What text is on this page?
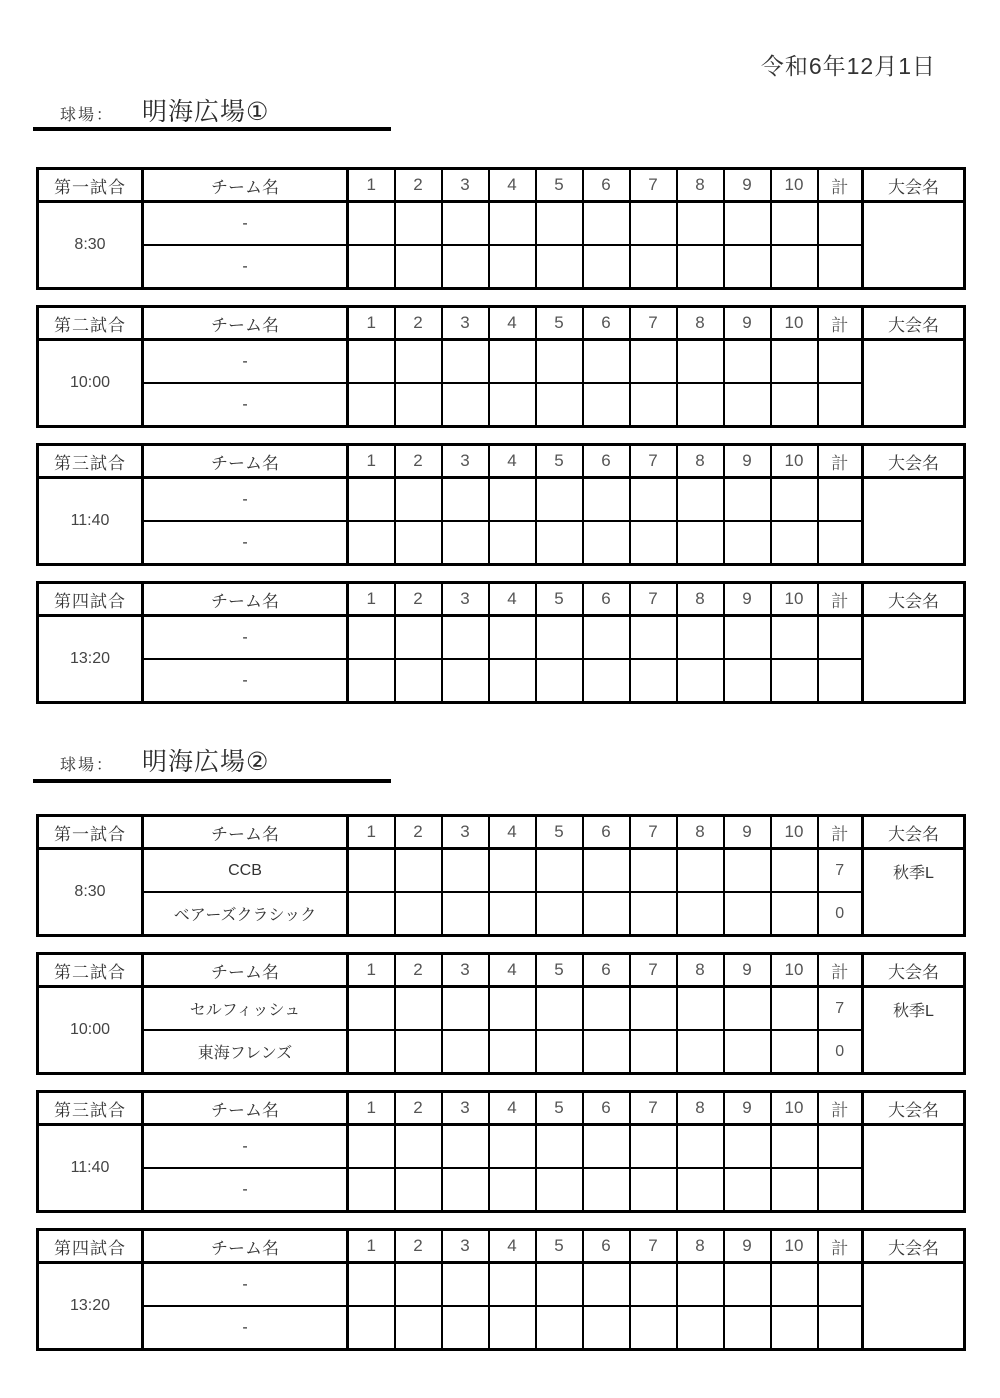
令和6年12月1日
球場： 明海広場①
第一試合	チーム名	1	2	3	4	5	6	7	8	9	10	計	大会名
8:30	-												
	-												
第二試合	チーム名	1	2	3	4	5	6	7	8	9	10	計	大会名
10:00	-												
	-												
第三試合	チーム名	1	2	3	4	5	6	7	8	9	10	計	大会名
11:40	-												
	-												
第四試合	チーム名	1	2	3	4	5	6	7	8	9	10	計	大会名
13:20	-												
	-												
球場： 明海広場②
第一試合	チーム名	1	2	3	4	5	6	7	8	9	10	計	大会名
8:30	CCB											7	秋季L
	ベアーズクラシック											0	
第二試合	チーム名	1	2	3	4	5	6	7	8	9	10	計	大会名
10:00	セルフィッシュ											7	秋季L
	東海フレンズ											0	
第三試合	チーム名	1	2	3	4	5	6	7	8	9	10	計	大会名
11:40	-												
	-												
第四試合	チーム名	1	2	3	4	5	6	7	8	9	10	計	大会名
13:20	-												
	-												
